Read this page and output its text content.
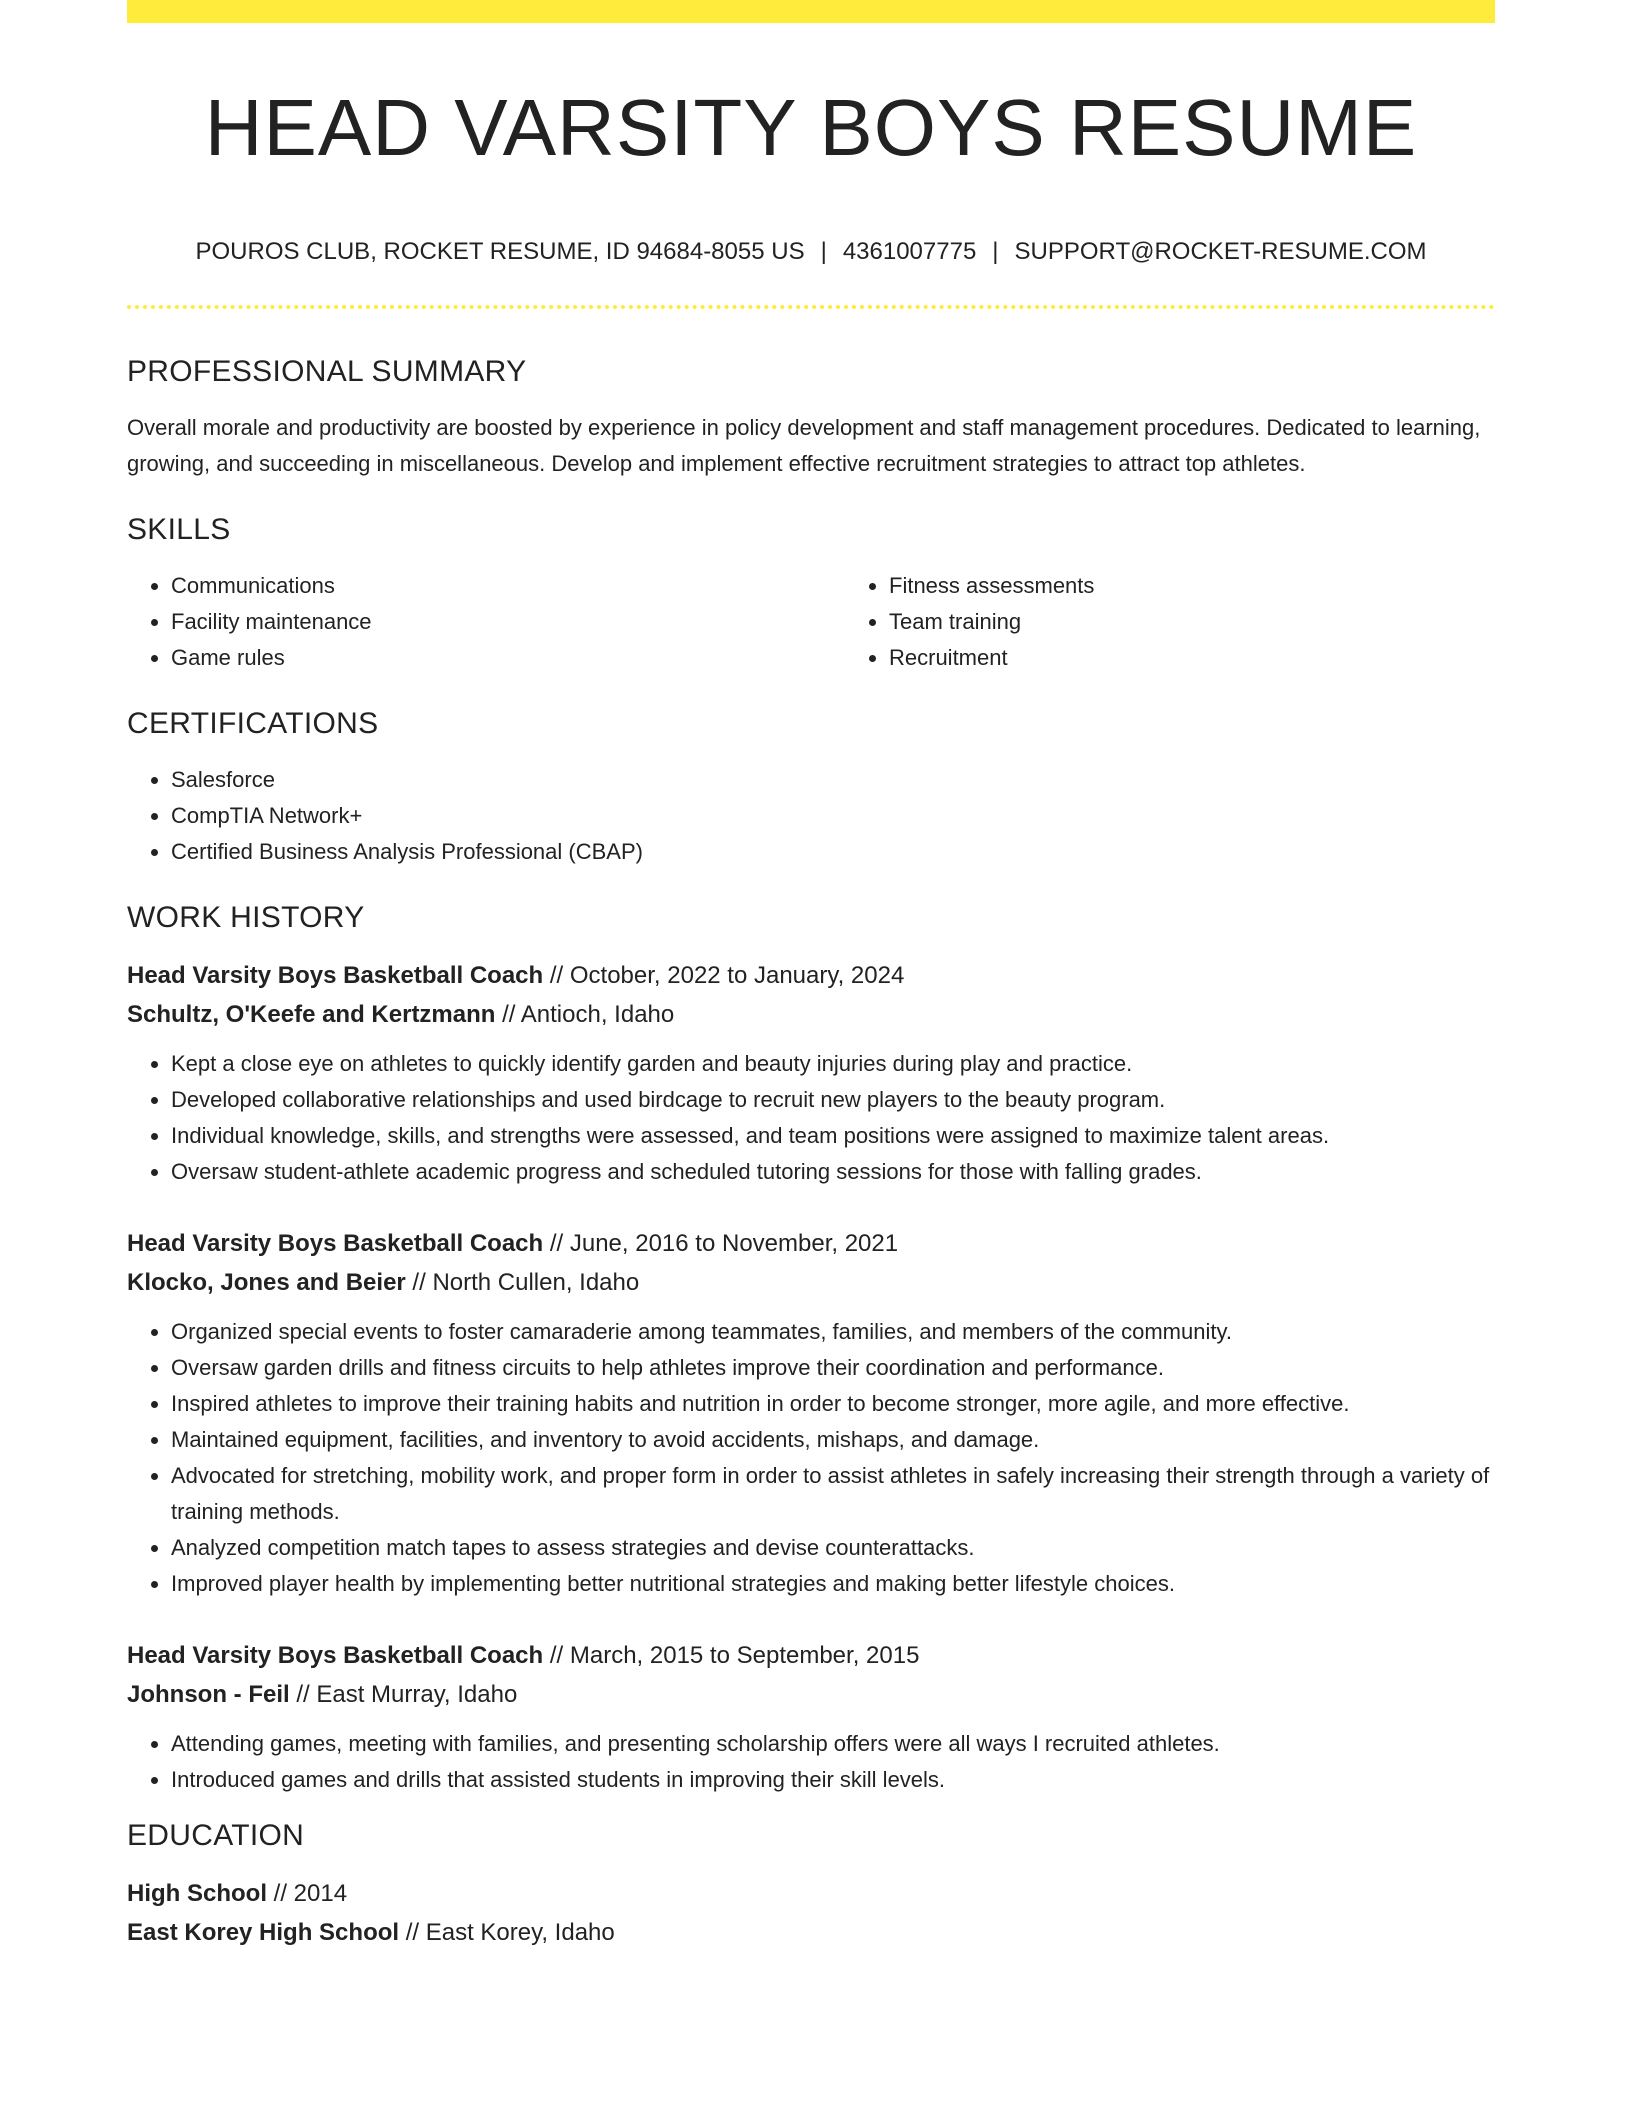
HEAD VARSITY BOYS RESUME
POUROS CLUB, ROCKET RESUME, ID 94684-8055 US | 4361007775 | SUPPORT@ROCKET-RESUME.COM
PROFESSIONAL SUMMARY

Overall morale and productivity are boosted by experience in policy development and staff management procedures. Dedicated to learning, growing, and succeeding in miscellaneous. Develop and implement effective recruitment strategies to attract top athletes.

SKILLS
• Communications
• Facility maintenance
• Game rules
• Fitness assessments
• Team training
• Recruitment
CERTIFICATIONS
• Salesforce
• CompTIA Network+
• Certified Business Analysis Professional (CBAP)
WORK HISTORY
Head Varsity Boys Basketball Coach // October, 2022 to January, 2024
Schultz, O'Keefe and Kertzmann // Antioch, Idaho
• Kept a close eye on athletes to quickly identify garden and beauty injuries during play and practice.
• Developed collaborative relationships and used birdcage to recruit new players to the beauty program.
• Individual knowledge, skills, and strengths were assessed, and team positions were assigned to maximize talent areas.
• Oversaw student-athlete academic progress and scheduled tutoring sessions for those with falling grades.
Head Varsity Boys Basketball Coach // June, 2016 to November, 2021
Klocko, Jones and Beier // North Cullen, Idaho
• Organized special events to foster camaraderie among teammates, families, and members of the community.
• Oversaw garden drills and fitness circuits to help athletes improve their coordination and performance.
• Inspired athletes to improve their training habits and nutrition in order to become stronger, more agile, and more effective.
• Maintained equipment, facilities, and inventory to avoid accidents, mishaps, and damage.
• Advocated for stretching, mobility work, and proper form in order to assist athletes in safely increasing their strength through a variety of training methods.
• Analyzed competition match tapes to assess strategies and devise counterattacks.
• Improved player health by implementing better nutritional strategies and making better lifestyle choices.
Head Varsity Boys Basketball Coach // March, 2015 to September, 2015
Johnson - Feil // East Murray, Idaho
• Attending games, meeting with families, and presenting scholarship offers were all ways I recruited athletes.
• Introduced games and drills that assisted students in improving their skill levels.
EDUCATION
High School // 2014
East Korey High School // East Korey, Idaho
